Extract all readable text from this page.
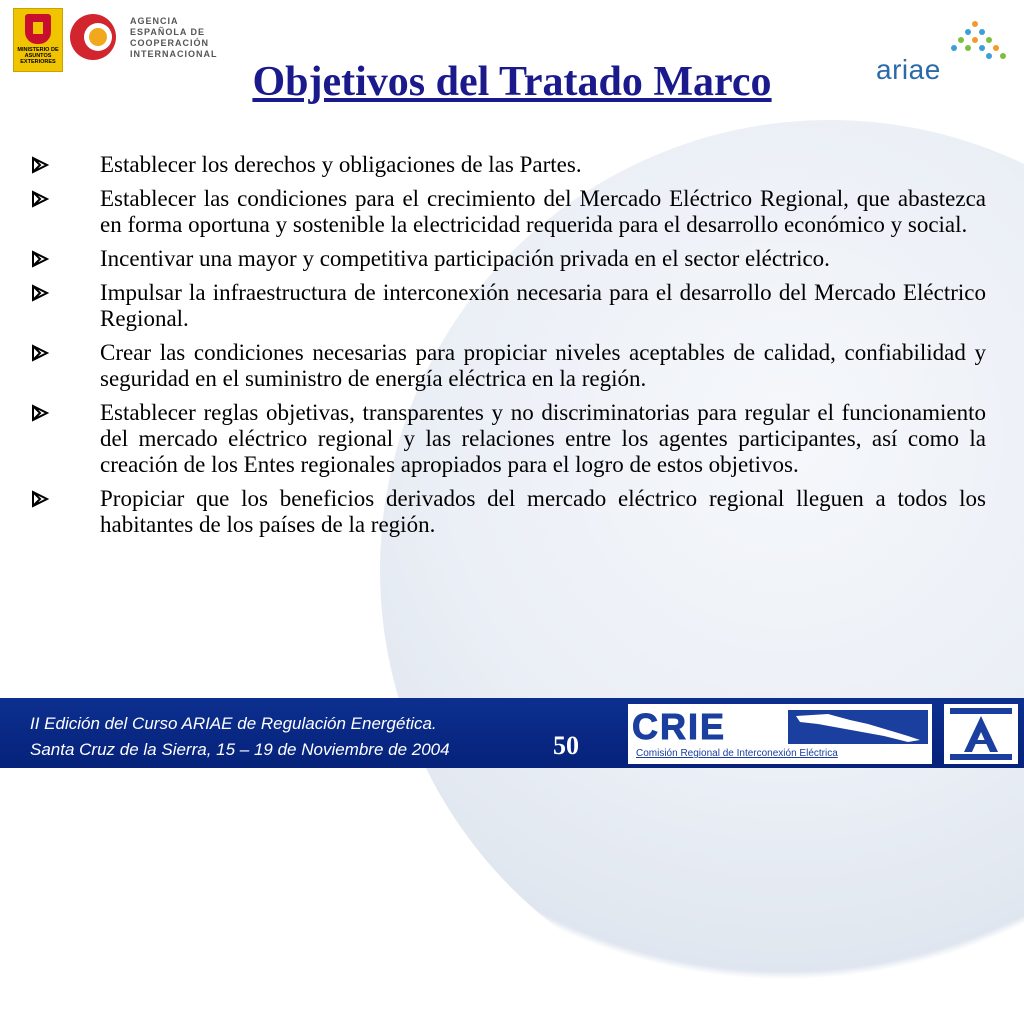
MINISTERIO DE ASUNTOS EXTERIORES
AGENCIA
ESPAÑOLA DE
COOPERACIÓN
INTERNACIONAL	ariae
Objetivos del Tratado Marco
Establecer los derechos y obligaciones de las Partes.
Establecer las condiciones para el crecimiento del Mercado Eléctrico Regional, que abastezca en forma oportuna y sostenible la electricidad requerida para el desarrollo económico y social.
Incentivar una mayor y competitiva participación privada en el sector eléctrico.
Impulsar la infraestructura de interconexión necesaria para el desarrollo del Mercado Eléctrico Regional.
Crear las condiciones necesarias para propiciar niveles aceptables de calidad, confiabilidad y seguridad en el suministro de energía eléctrica en la región.
Establecer reglas objetivas, transparentes y no discriminatorias para regular el funcionamiento del mercado eléctrico regional y las relaciones entre los agentes participantes, así como la creación de los Entes regionales apropiados para el logro de estos objetivos.
Propiciar que los beneficios derivados del mercado eléctrico regional lleguen a todos los habitantes de los países de la región.
II Edición del Curso ARIAE de Regulación Energética.
Santa Cruz de la Sierra, 15 – 19 de Noviembre de 2004	50 CRIE
Comisión Regional de Interconexión Eléctrica
